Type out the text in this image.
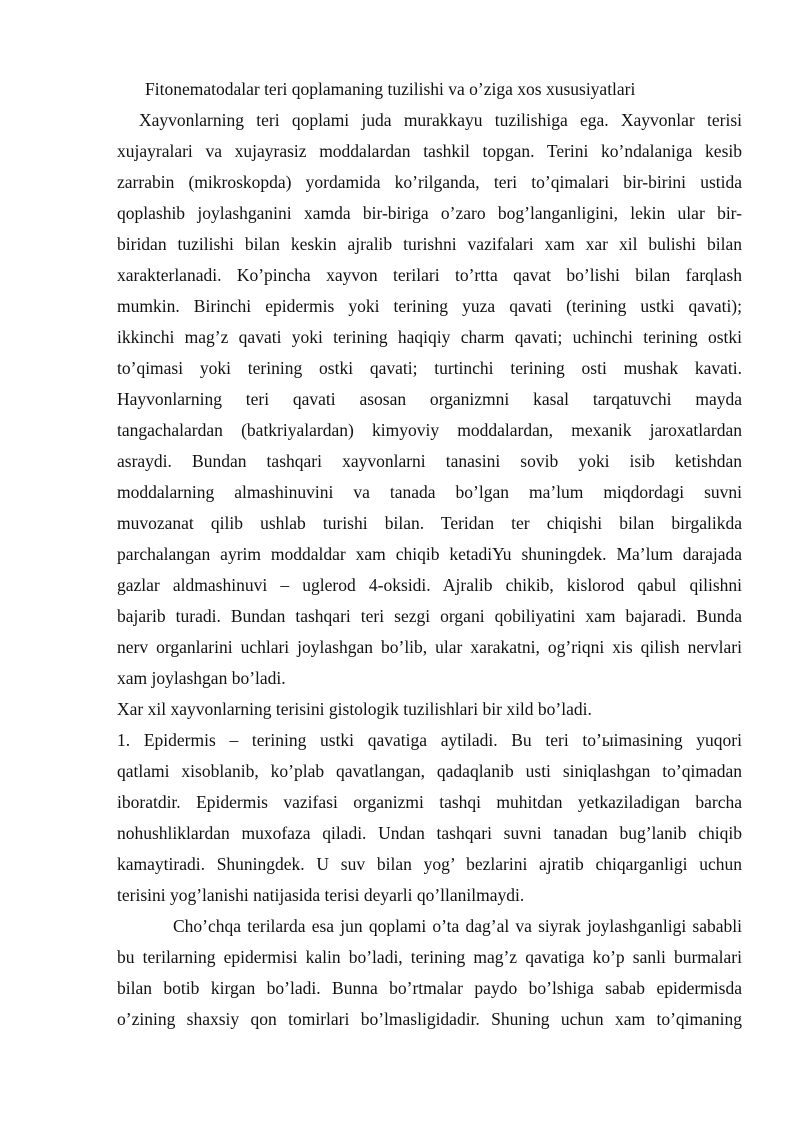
Fitonematodalar teri qoplamaning tuzilishi va o’ziga xos xususiyatlari
Xayvonlarning teri qoplami juda murakkayu tuzilishiga ega. Xayvonlar terisi
xujayralari va xujayrasiz moddalardan tashkil topgan. Terini ko’ndalaniga kesib
zarrabin (mikroskopda) yordamida ko’rilganda, teri to’qimalari bir-birini ustida
qoplashib joylashganini xamda bir-biriga o’zaro bog’langanligini, lekin ular bir-
biridan tuzilishi bilan keskin ajralib turishni vazifalari xam xar xil bulishi bilan
xarakterlanadi. Ko’pincha xayvon terilari to’rtta qavat bo’lishi bilan farqlash
mumkin. Birinchi epidermis yoki terining yuza qavati (terining ustki qavati);
ikkinchi mag’z qavati yoki terining haqiqiy charm qavati; uchinchi terining ostki
to’qimasi yoki terining ostki qavati; turtinchi terining osti mushak kavati.
Hayvonlarning teri qavati asosan organizmni kasal tarqatuvchi mayda
tangachalardan (batkriyalardan) kimyoviy moddalardan, mexanik jaroxatlardan
asraydi. Bundan tashqari xayvonlarni tanasini sovib yoki isib ketishdan
moddalarning almashinuvini va tanada bo’lgan ma’lum miqdordagi suvni
muvozanat qilib ushlab turishi bilan. Teridan ter chiqishi bilan birgalikda
parchalangan ayrim moddaldar xam chiqib ketadiYu shuningdek. Ma’lum darajada
gazlar aldmashinuvi – uglerod 4-oksidi. Ajralib chikib, kislorod qabul qilishni
bajarib turadi. Bundan tashqari teri sezgi organi qobiliyatini xam bajaradi. Bunda
nerv organlarini uchlari joylashgan bo’lib, ular xarakatni, og’riqni xis qilish nervlari
xam joylashgan bo’ladi.
Xar xil xayvonlarning terisini gistologik tuzilishlari bir xild bo’ladi.
1. Epidermis – terining ustki qavatiga aytiladi. Bu teri to’ыimasining yuqori
qatlami xisoblanib, ko’plab qavatlangan, qadaqlanib usti siniqlashgan to’qimadan
iboratdir. Epidermis vazifasi organizmi tashqi muhitdan yetkaziladigan barcha
nohushliklardan muxofaza qiladi. Undan tashqari suvni tanadan bug’lanib chiqib
kamaytiradi. Shuningdek. U suv bilan yog’ bezlarini ajratib chiqarganligi uchun
terisini yog’lanishi natijasida terisi deyarli qo’llanilmaydi.
Cho’chqa terilarda esa jun qoplami o’ta dag’al va siyrak joylashganligi sababli
bu terilarning epidermisi kalin bo’ladi, terining mag’z qavatiga ko’p sanli burmalari
bilan botib kirgan bo’ladi. Bunna bo’rtmalar paydo bo’lshiga sabab epidermisda
o’zining shaxsiy qon tomirlari bo’lmasligidadir. Shuning uchun xam to’qimaning
